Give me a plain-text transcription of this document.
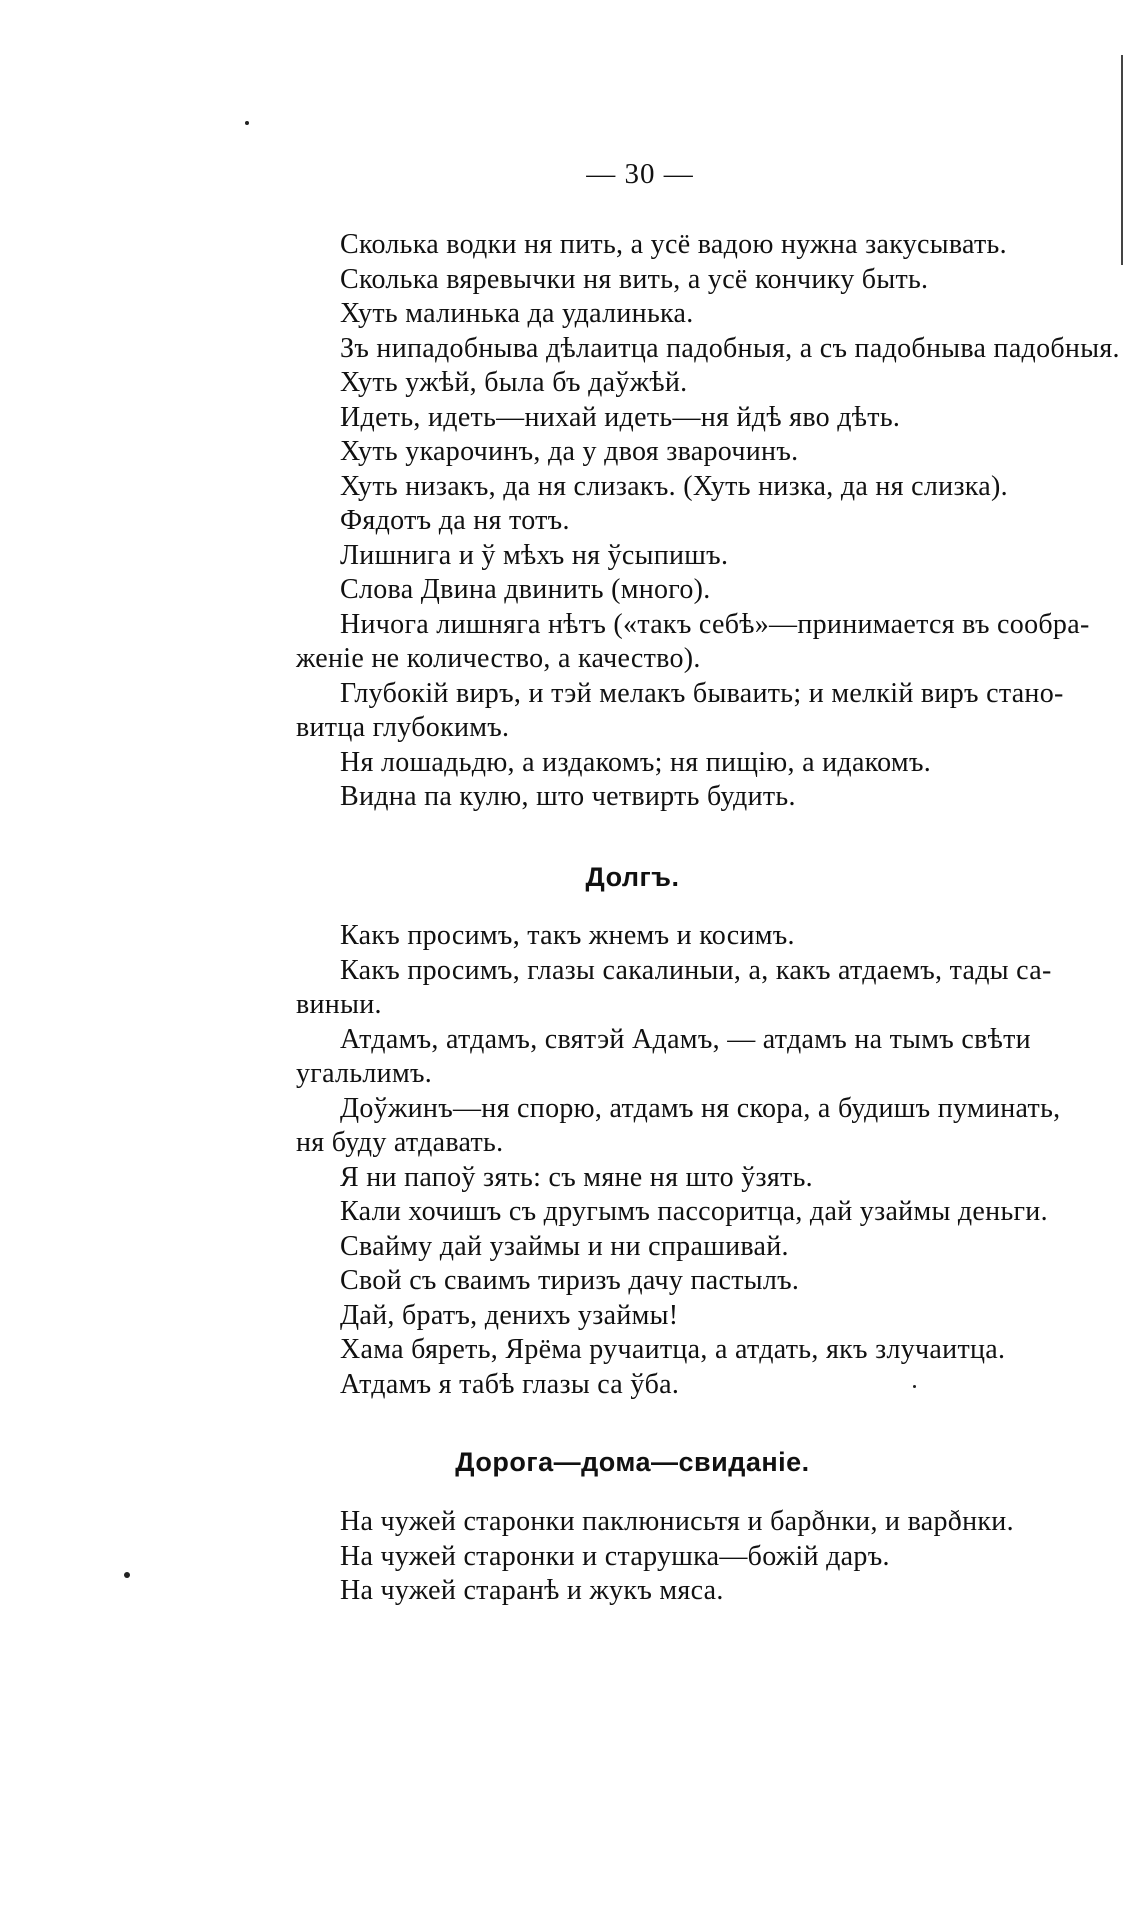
— 30 —
Сколька водки ня пить, а усё вадою нужна закусывать.
Сколька вяревычки ня вить, а усё кончику быть.
Хуть малинька да удалинька.
Зъ нипадобныва дѣлаитца падобныя, а съ падобныва падобныя.
Хуть ужѣй, была бъ даўжѣй.
Идеть, идеть—нихай идеть—ня йдѣ яво дѣть.
Хуть укарочинъ, да у двоя зварочинъ.
Хуть низакъ, да ня слизакъ. (Хуть низка, да ня слизка).
Фядотъ да ня тотъ.
Лишнига и ў мѣхъ ня ўсыпишъ.
Слова Двина двинить (много).
Ничога лишняга нѣтъ («такъ себѣ»—принимается въ сообра-
женіе не количество, а качество).
Глубокій виръ, и тэй мелакъ бываить; и мелкій виръ стано-
витца глубокимъ.
Ня лошадьдю, а издакомъ; ня пищію, а идакомъ.
Видна па кулю, што четвирть будить.
Долгъ.
Какъ просимъ, такъ жнемъ и косимъ.
Какъ просимъ, глазы сакалиныи, а, какъ атдаемъ, тады са-
виныи.
Атдамъ, атдамъ, святэй Адамъ, — атдамъ на тымъ свѣти
угальлимъ.
Доўжинъ—ня спорю, атдамъ ня скора, а будишъ пуминать,
ня буду атдавать.
Я ни папоў зять: съ мяне ня што ўзять.
Кали хочишъ съ другымъ пассоритца, дай узаймы деньги.
Свайму дай узаймы и ни спрашивай.
Свой съ сваимъ тиризъ дачу пастылъ.
Дай, братъ, денихъ узаймы!
Хама бяреть, Ярёма ручаитца, а атдать, якъ злучаитца.
Атдамъ я табѣ глазы са ўба.
Дорога—дома—свиданіе.
На чужей старонки паклюнисьтя и барðнки, и варðнки.
На чужей старонки и старушка—божій даръ.
На чужей старанѣ и жукъ мяса.
